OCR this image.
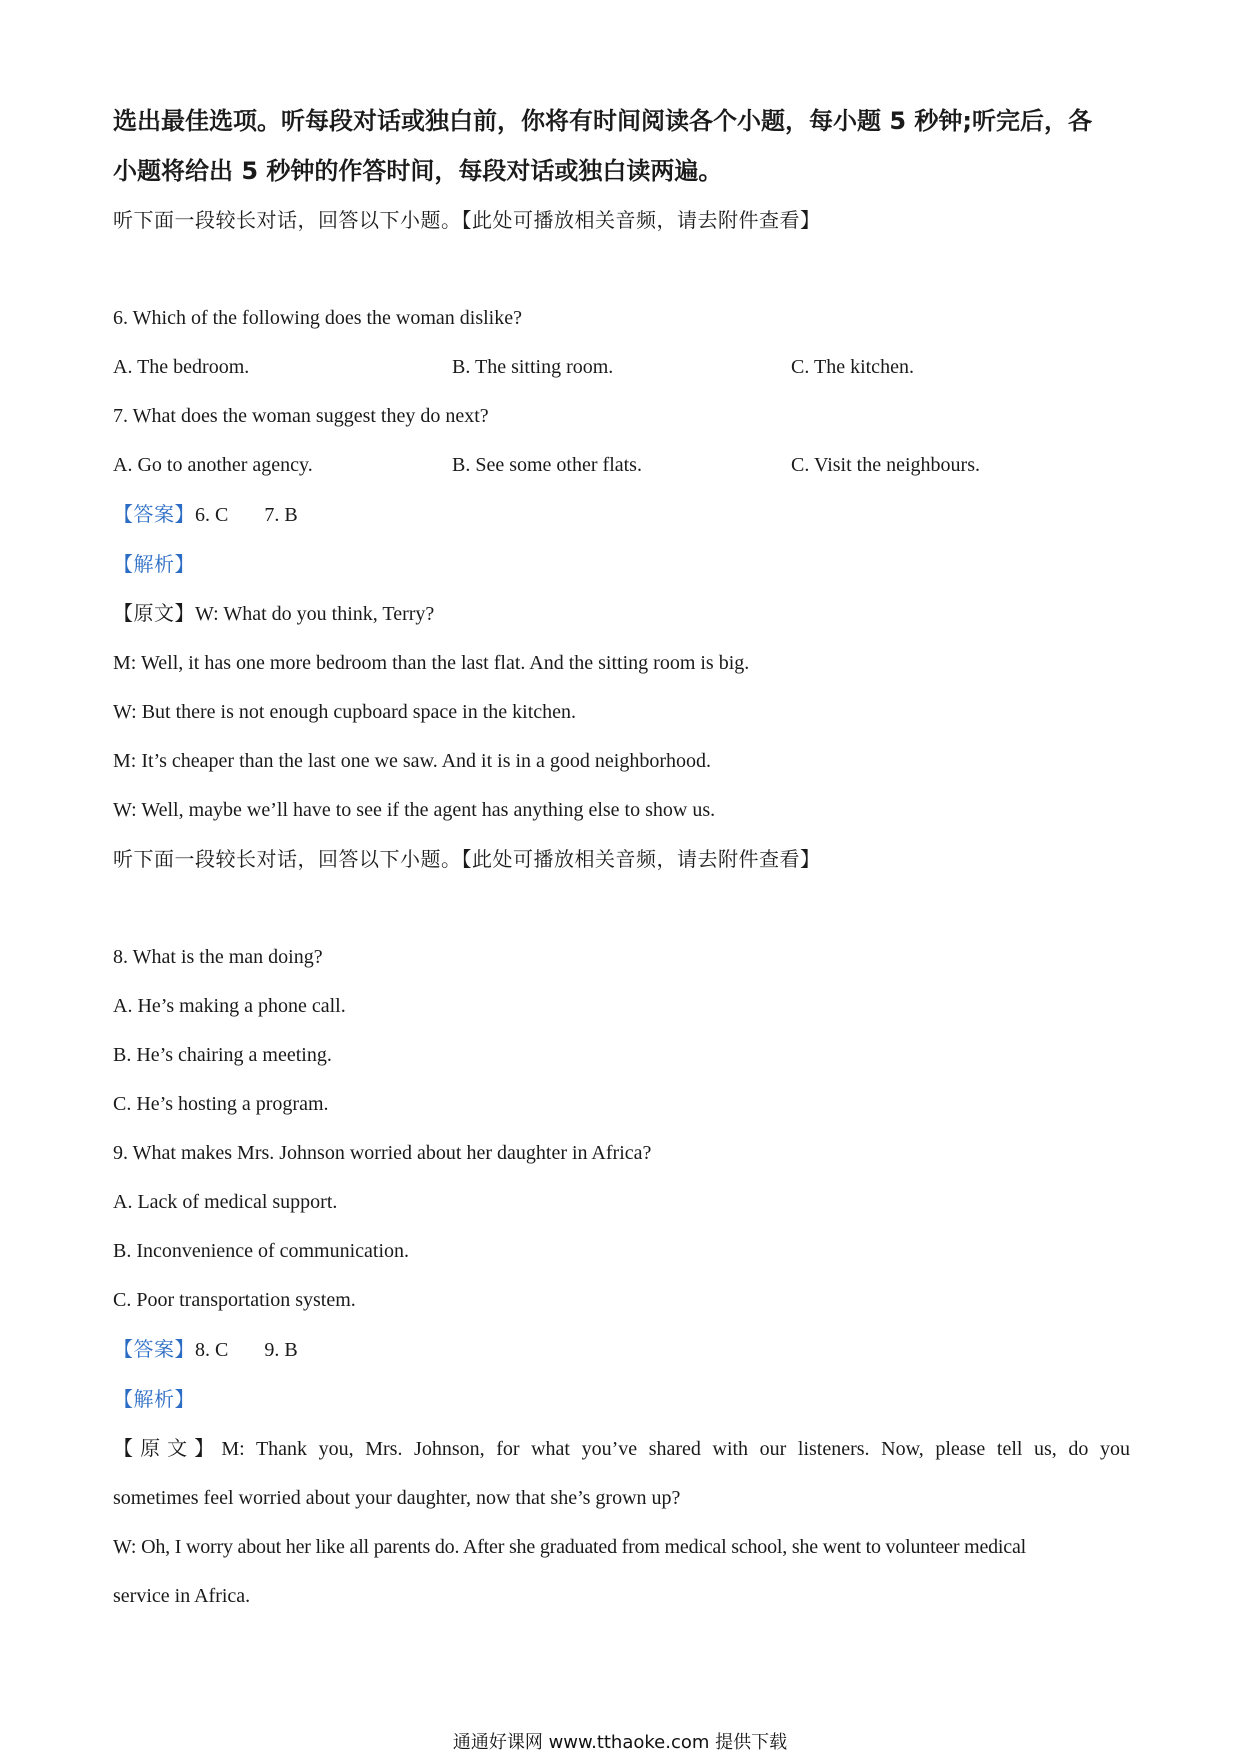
选出最佳选项。听每段对话或独白前，你将有时间阅读各个小题，每小题 5 秒钟;听完后，各
小题将给出 5 秒钟的作答时间，每段对话或独白读两遍。
听下面一段较长对话，回答以下小题。【此处可播放相关音频，请去附件查看】
6. Which of the following does the woman dislike?
A. The bedroom.	B. The sitting room.	C. The kitchen.
7. What does the woman suggest they do next?
A. Go to another agency.	B. See some other flats.	C. Visit the neighbours.
【答案】6. C 7. B
【解析】
【原文】W: What do you think, Terry?
M: Well, it has one more bedroom than the last flat. And the sitting room is big.
W: But there is not enough cupboard space in the kitchen.
M: It’s cheaper than the last one we saw. And it is in a good neighborhood.
W: Well, maybe we’ll have to see if the agent has anything else to show us.
听下面一段较长对话，回答以下小题。【此处可播放相关音频，请去附件查看】
8. What is the man doing?
A. He’s making a phone call.
B. He’s chairing a meeting.
C. He’s hosting a program.
9. What makes Mrs. Johnson worried about her daughter in Africa?
A. Lack of medical support.
B. Inconvenience of communication.
C. Poor transportation system.
【答案】8. C 9. B
【解析】
【原文】M: Thank you, Mrs. Johnson, for what you’ve shared with our listeners. Now, please tell us, do you
sometimes feel worried about your daughter, now that she’s grown up?
W: Oh, I worry about her like all parents do. After she graduated from medical school, she went to volunteer medical
service in Africa.
通通好课网 www.tthaoke.com 提供下载
